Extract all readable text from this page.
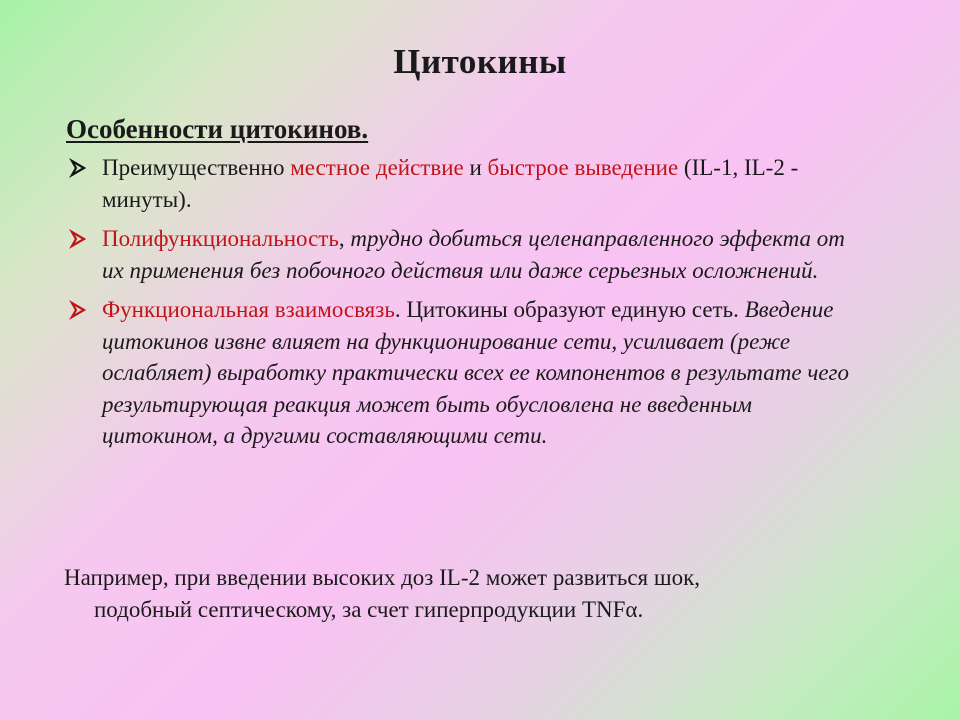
Цитокины
Особенности цитокинов.
Преимущественно местное действие и быстрое выведение (IL-1, IL-2 - минуты).
Полифункциональность, трудно добиться целенаправленного эффекта от их применения без побочного действия или даже серьезных осложнений.
Функциональная взаимосвязь. Цитокины образуют единую сеть. Введение цитокинов извне влияет на функционирование сети, усиливает (реже ослабляет) выработку практически всех ее компонентов в результате чего результирующая реакция может быть обусловлена не введенным цитокином, а другими составляющими сети.
Например, при введении высоких доз IL-2 может развиться шок,
подобный септическому, за счет гиперпродукции TNFα.
